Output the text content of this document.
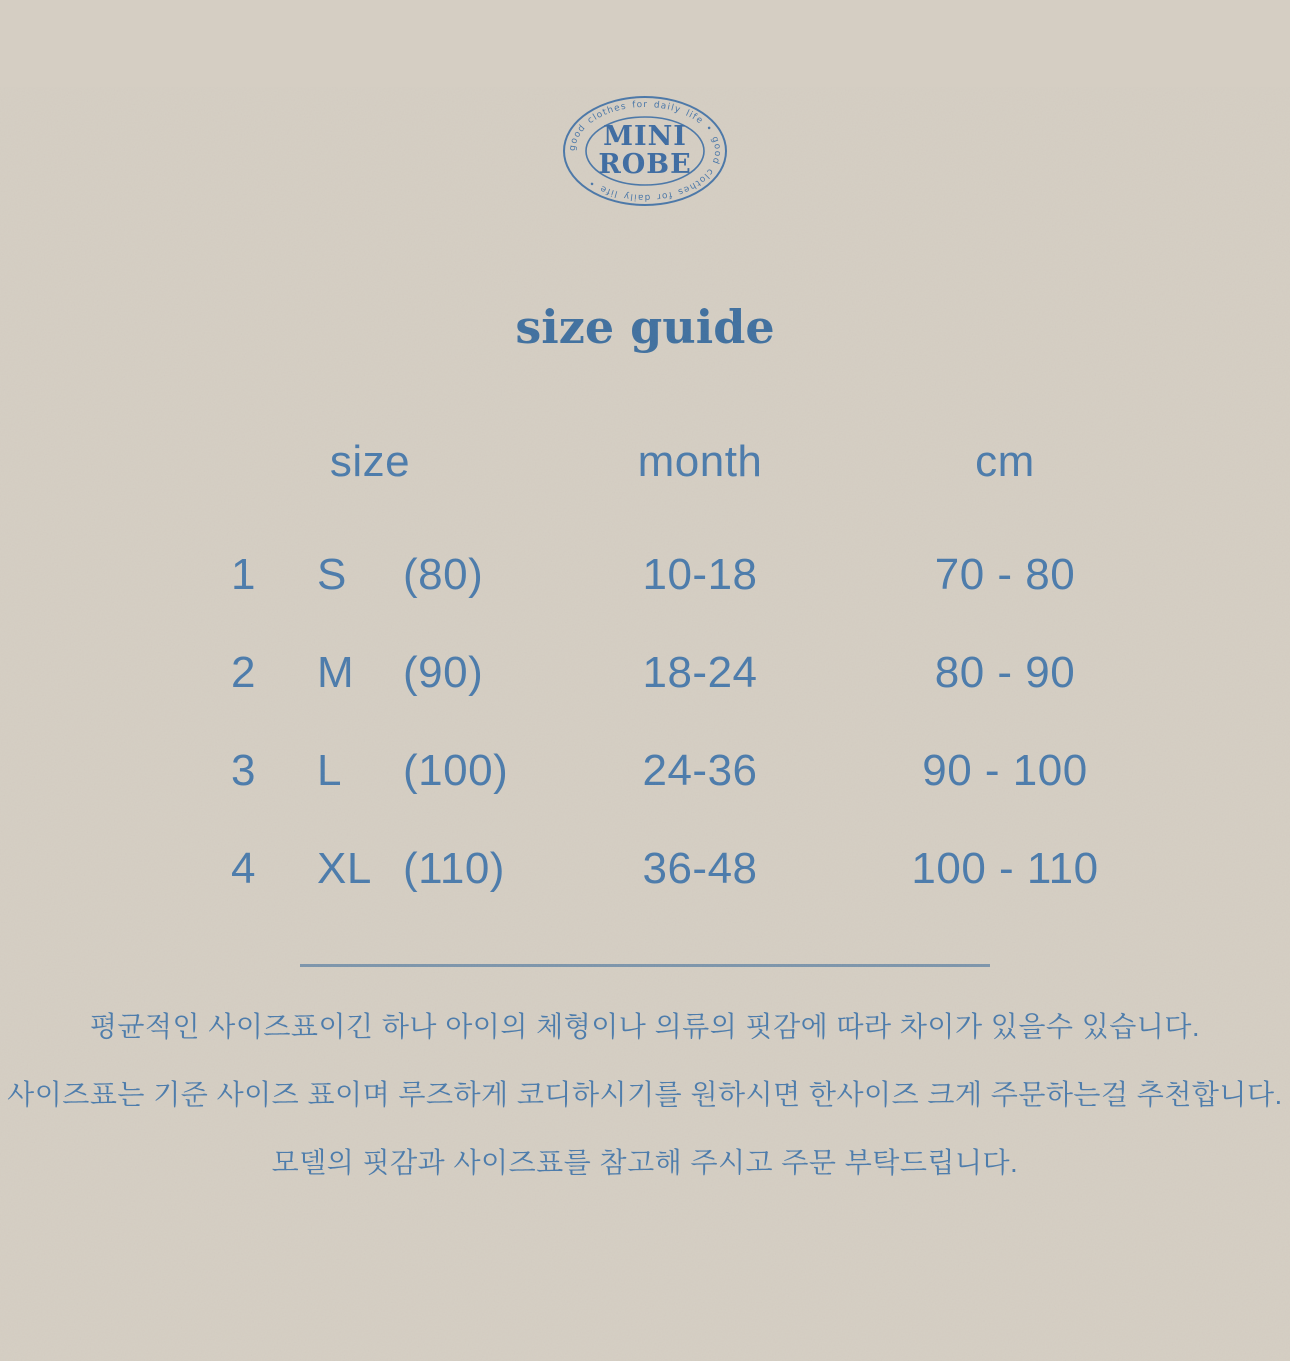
good clothes for daily life • good clothes for daily life •
MINI
ROBE
size guide
size	month	cm
1	S	(80)	10-18	70 - 80
2	M	(90)	18-24	80 - 90
3	L	(100)	24-36	90 - 100
4	XL (110)	36-48	100 - 110

평균적인 사이즈표이긴 하나 아이의 체형이나 의류의 핏감에 따라 차이가 있을수 있습니다.

사이즈표는 기준 사이즈 표이며 루즈하게 코디하시기를 원하시면 한사이즈 크게 주문하는걸 추천합니다.

모델의 핏감과 사이즈표를 참고해 주시고 주문 부탁드립니다.
